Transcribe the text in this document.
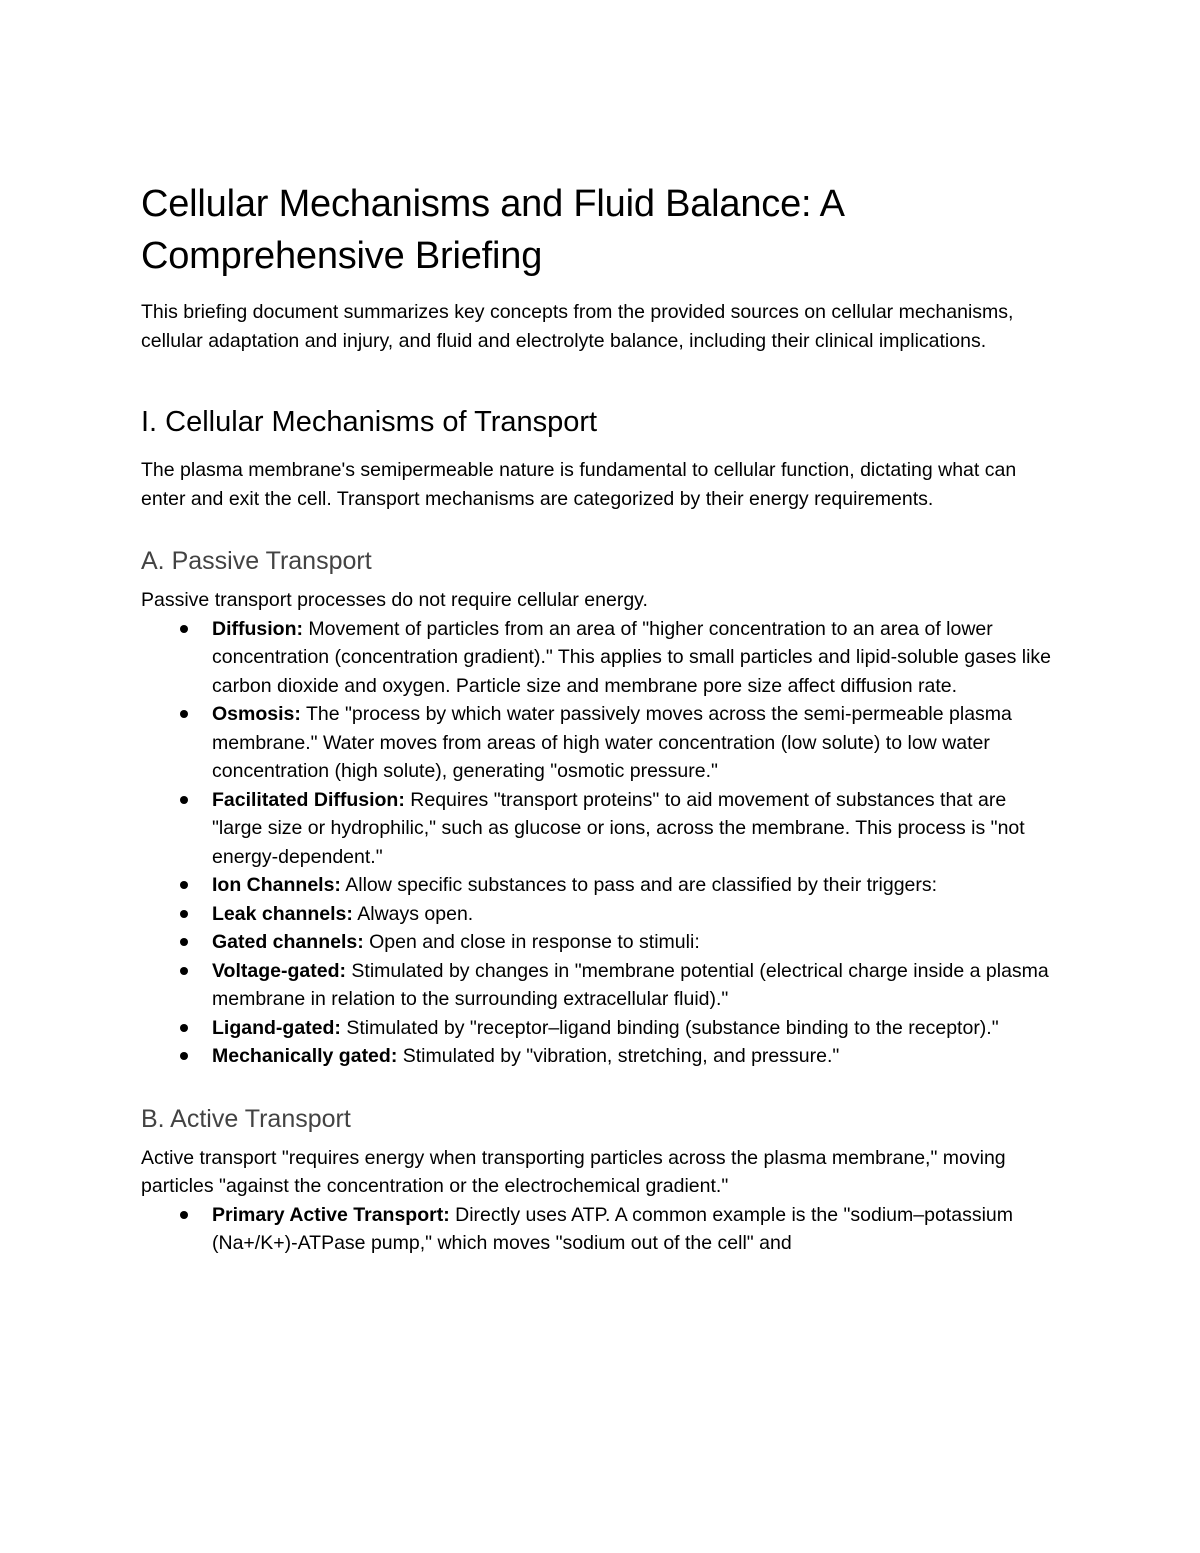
Cellular Mechanisms and Fluid Balance: A Comprehensive Briefing

This briefing document summarizes key concepts from the provided sources on cellular mechanisms, cellular adaptation and injury, and fluid and electrolyte balance, including their clinical implications.

I. Cellular Mechanisms of Transport

The plasma membrane's semipermeable nature is fundamental to cellular function, dictating what can enter and exit the cell. Transport mechanisms are categorized by their energy requirements.

A. Passive Transport

Passive transport processes do not require cellular energy.

Diffusion: Movement of particles from an area of "higher concentration to an area of lower concentration (concentration gradient)." This applies to small particles and lipid-soluble gases like carbon dioxide and oxygen. Particle size and membrane pore size affect diffusion rate.
Osmosis: The "process by which water passively moves across the semi-permeable plasma membrane." Water moves from areas of high water concentration (low solute) to low water concentration (high solute), generating "osmotic pressure."
Facilitated Diffusion: Requires "transport proteins" to aid movement of substances that are "large size or hydrophilic," such as glucose or ions, across the membrane. This process is "not energy-dependent."
Ion Channels: Allow specific substances to pass and are classified by their triggers:
Leak channels: Always open.
Gated channels: Open and close in response to stimuli:
Voltage-gated: Stimulated by changes in "membrane potential (electrical charge inside a plasma membrane in relation to the surrounding extracellular fluid)."
Ligand-gated: Stimulated by "receptor–ligand binding (substance binding to the receptor)."
Mechanically gated: Stimulated by "vibration, stretching, and pressure."
B. Active Transport

Active transport "requires energy when transporting particles across the plasma membrane," moving particles "against the concentration or the electrochemical gradient."

Primary Active Transport: Directly uses ATP. A common example is the "sodium–potassium (Na+/K+)-ATPase pump," which moves "sodium out of the cell" and
